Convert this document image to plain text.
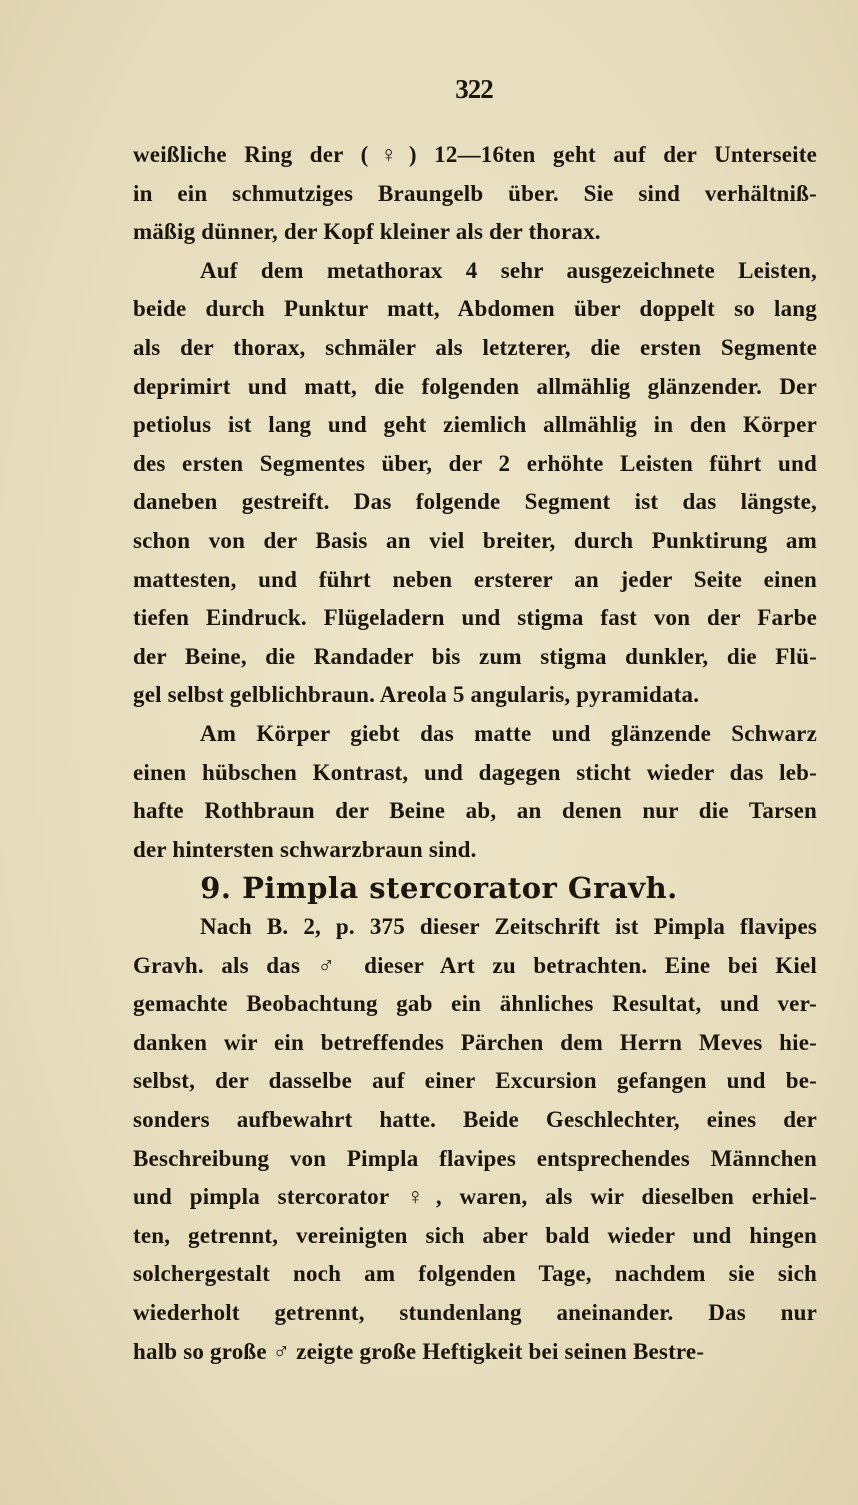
322
weißliche Ring der (♀) 12—16ten geht auf der Unterseite
in ein schmutziges Braungelb über. Sie sind verhältniß-
mäßig dünner, der Kopf kleiner als der thorax.
Auf dem metathorax 4 sehr ausgezeichnete Leisten,
beide durch Punktur matt, Abdomen über doppelt so lang
als der thorax, schmäler als letzterer, die ersten Segmente
deprimirt und matt, die folgenden allmählig glänzender. Der
petiolus ist lang und geht ziemlich allmählig in den Körper
des ersten Segmentes über, der 2 erhöhte Leisten führt und
daneben gestreift. Das folgende Segment ist das längste,
schon von der Basis an viel breiter, durch Punktirung am
mattesten, und führt neben ersterer an jeder Seite einen
tiefen Eindruck. Flügeladern und stigma fast von der Farbe
der Beine, die Randader bis zum stigma dunkler, die Flü-
gel selbst gelblichbraun. Areola 5 angularis, pyramidata.
Am Körper giebt das matte und glänzende Schwarz
einen hübschen Kontrast, und dagegen sticht wieder das leb-
hafte Rothbraun der Beine ab, an denen nur die Tarsen
der hintersten schwarzbraun sind.
9. Pimpla stercorator Gravh.
Nach B. 2, p. 375 dieser Zeitschrift ist Pimpla flavipes
Gravh. als das ♂ dieser Art zu betrachten. Eine bei Kiel
gemachte Beobachtung gab ein ähnliches Resultat, und ver-
danken wir ein betreffendes Pärchen dem Herrn Meves hie-
selbst, der dasselbe auf einer Excursion gefangen und be-
sonders aufbewahrt hatte. Beide Geschlechter, eines der
Beschreibung von Pimpla flavipes entsprechendes Männchen
und pimpla stercorator ♀, waren, als wir dieselben erhiel-
ten, getrennt, vereinigten sich aber bald wieder und hingen
solchergestalt noch am folgenden Tage, nachdem sie sich
wiederholt getrennt, stundenlang aneinander. Das nur
halb so große ♂ zeigte große Heftigkeit bei seinen Bestre-
